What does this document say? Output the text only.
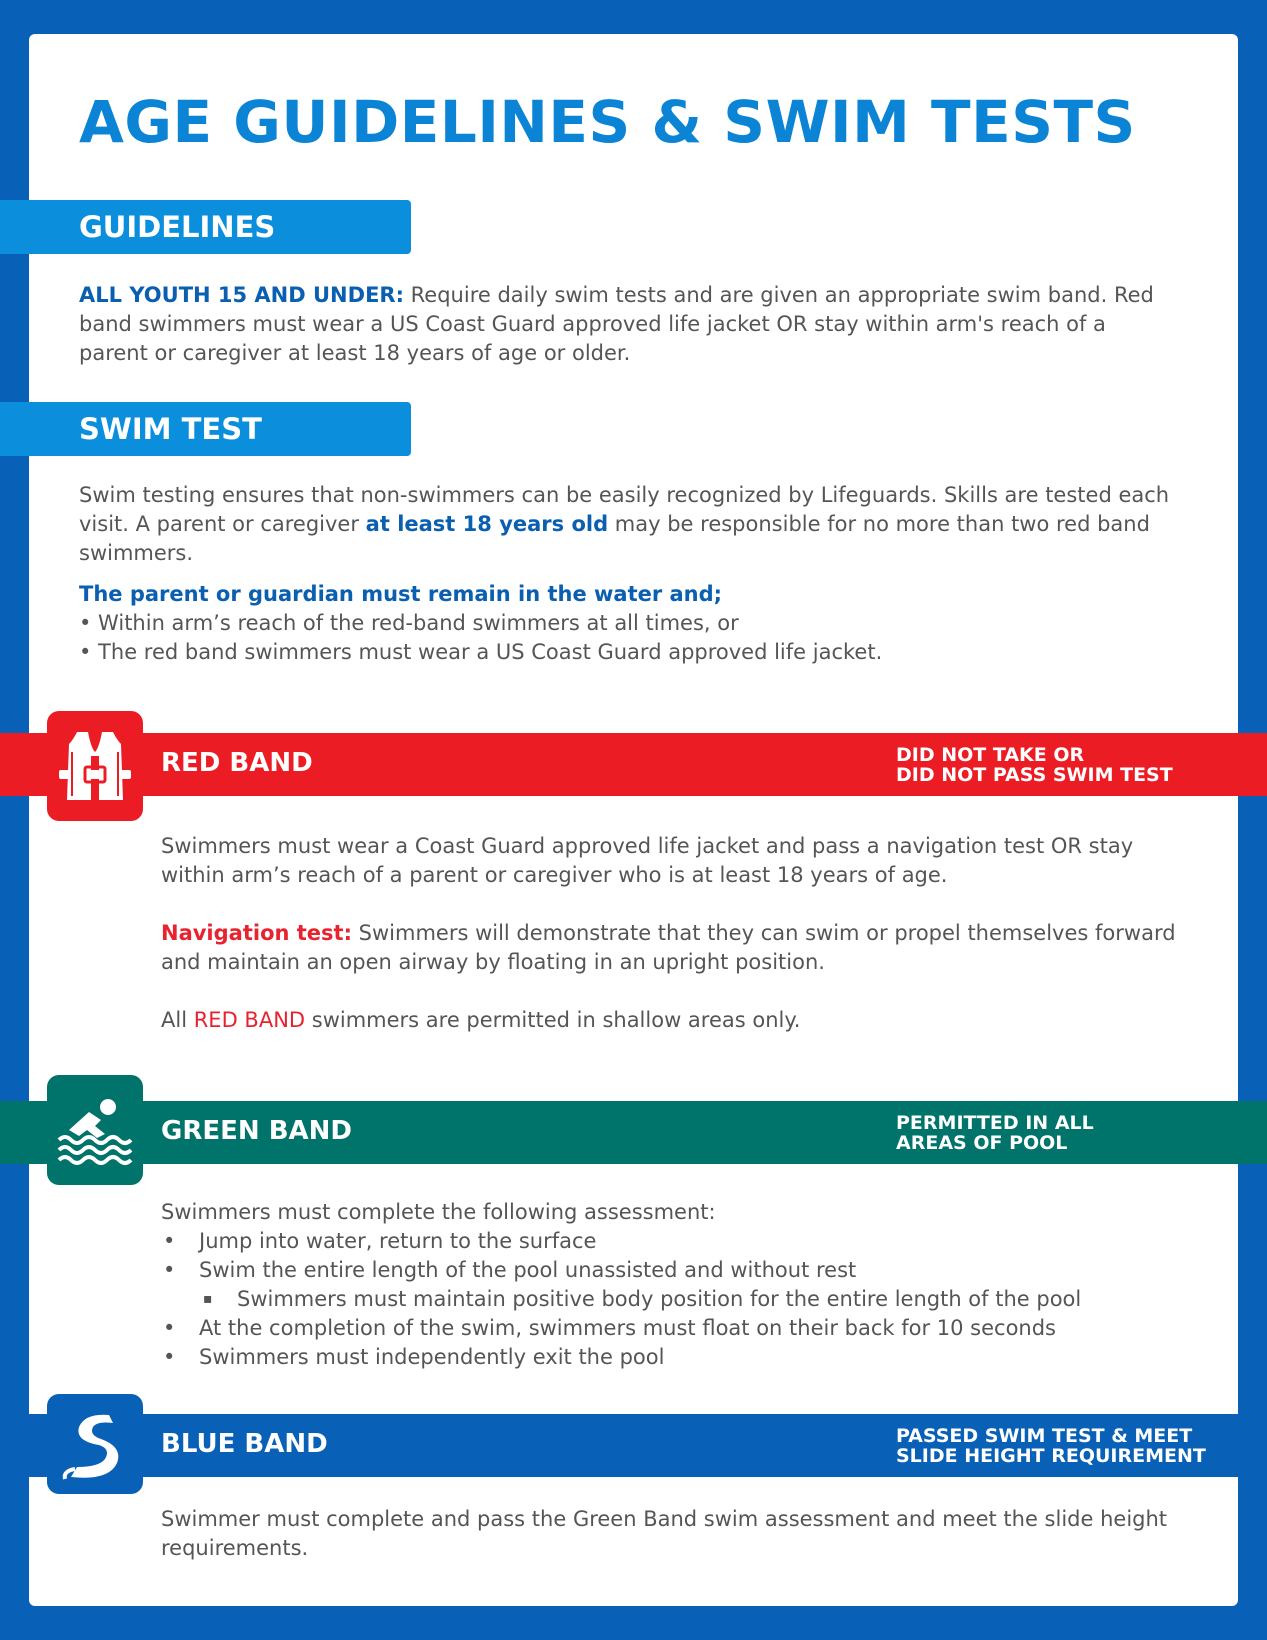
AGE GUIDELINES & SWIM TESTS
GUIDELINES

ALL YOUTH 15 AND UNDER: Require daily swim tests and are given an appropriate swim band. Red band swimmers must wear a US Coast Guard approved life jacket OR stay within arm's reach of a parent or caregiver at least 18 years of age or older.

SWIM TEST

Swim testing ensures that non-swimmers can be easily recognized by Lifeguards. Skills are tested each visit. A parent or caregiver at least 18 years old may be responsible for no more than two red band swimmers.

The parent or guardian must remain in the water and;

• Within arm’s reach of the red-band swimmers at all times, or

• The red band swimmers must wear a US Coast Guard approved life jacket.

RED BAND	DID NOT TAKE OR
DID NOT PASS SWIM TEST

Swimmers must wear a Coast Guard approved life jacket and pass a navigation test OR stay within arm’s reach of a parent or caregiver who is at least 18 years of age.

Navigation test: Swimmers will demonstrate that they can swim or propel themselves forward and maintain an open airway by floating in an upright position.

All RED BAND swimmers are permitted in shallow areas only.

GREEN BAND	PERMITTED IN ALL
AREAS OF POOL

Swimmers must complete the following assessment:

• Jump into water, return to the surface
• Swim the entire length of the pool unassisted and without rest
▪ Swimmers must maintain positive body position for the entire length of the pool
• At the completion of the swim, swimmers must float on their back for 10 seconds
• Swimmers must independently exit the pool
BLUE BAND	PASSED SWIM TEST & MEET
SLIDE HEIGHT REQUIREMENT

Swimmer must complete and pass the Green Band swim assessment and meet the slide height requirements.
